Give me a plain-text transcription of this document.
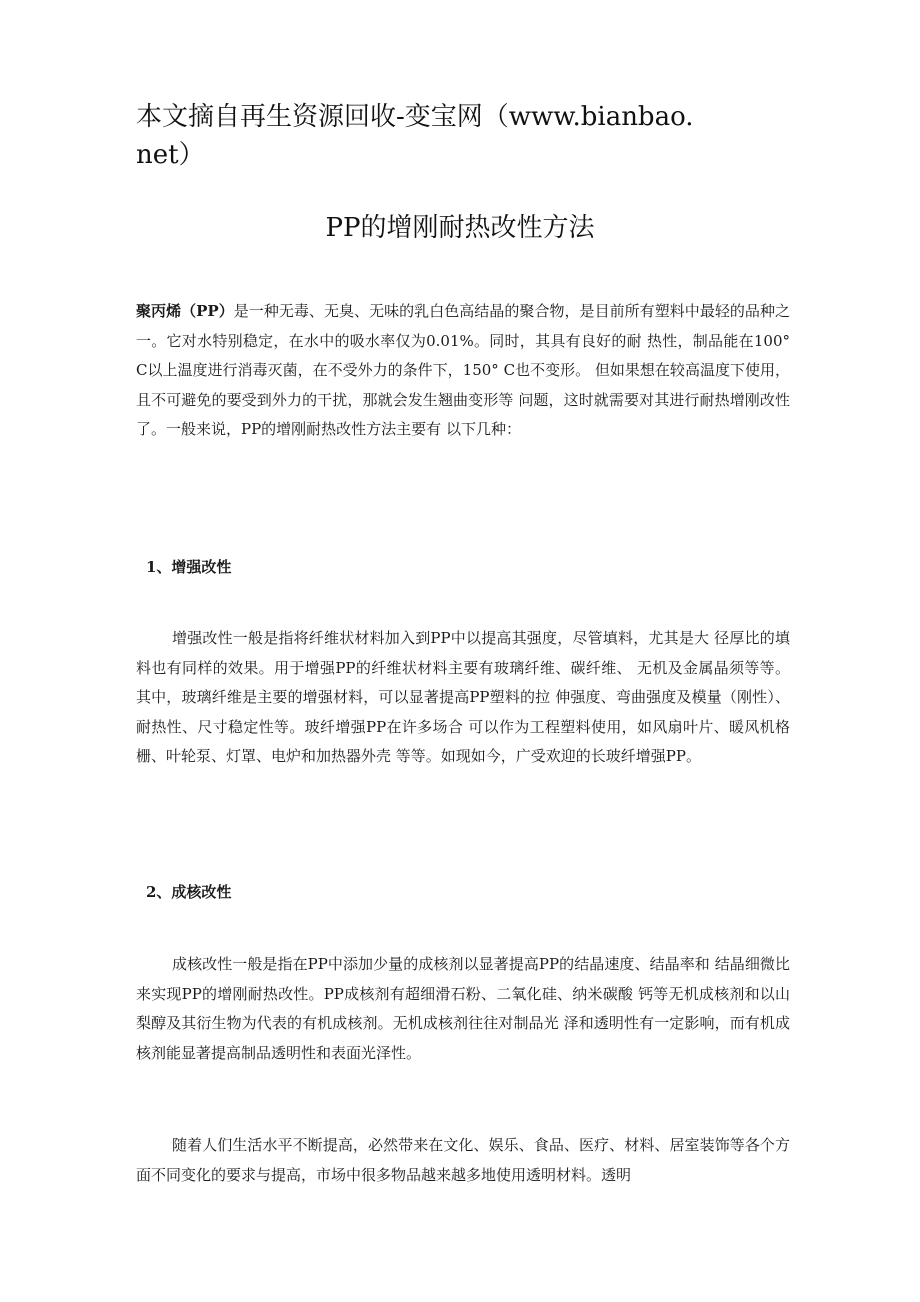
本文摘自再生资源回收-变宝网（www.bianbao.net）
PP的增刚耐热改性方法

聚丙烯（PP）是一种无毒、无臭、无味的乳白色高结晶的聚合物，是目前所有塑料中最轻的品种之一。它对水特别稳定，在水中的吸水率仅为0.01%。同时，其具有良好的耐 热性，制品能在100° C以上温度进行消毒灭菌，在不受外力的条件下，150° C也不变形。 但如果想在较高温度下使用，且不可避免的要受到外力的干扰，那就会发生翘曲变形等 问题，这时就需要对其进行耐热增刚改性了。一般来说，PP的增刚耐热改性方法主要有 以下几种：

1、增强改性

增强改性一般是指将纤维状材料加入到PP中以提高其强度，尽管填料，尤其是大 径厚比的填料也有同样的效果。用于增强PP的纤维状材料主要有玻璃纤维、碳纤维、 无机及金属晶须等等。其中，玻璃纤维是主要的增强材料，可以显著提高PP塑料的拉 伸强度、弯曲强度及模量（刚性）、耐热性、尺寸稳定性等。玻纤增强PP在许多场合 可以作为工程塑料使用，如风扇叶片、暖风机格栅、叶轮泵、灯罩、电炉和加热器外壳 等等。如现如今，广受欢迎的长玻纤增强PP。

2、成核改性

成核改性一般是指在PP中添加少量的成核剂以显著提高PP的结晶速度、结晶率和 结晶细微比来实现PP的增刚耐热改性。PP成核剂有超细滑石粉、二氧化硅、纳米碳酸 钙等无机成核剂和以山梨醇及其衍生物为代表的有机成核剂。无机成核剂往往对制品光 泽和透明性有一定影响，而有机成核剂能显著提高制品透明性和表面光泽性。

随着人们生活水平不断提高，必然带来在文化、娱乐、食品、医疗、材料、居室装饰等各个方面不同变化的要求与提高，市场中很多物品越来越多地使用透明材料。透明
